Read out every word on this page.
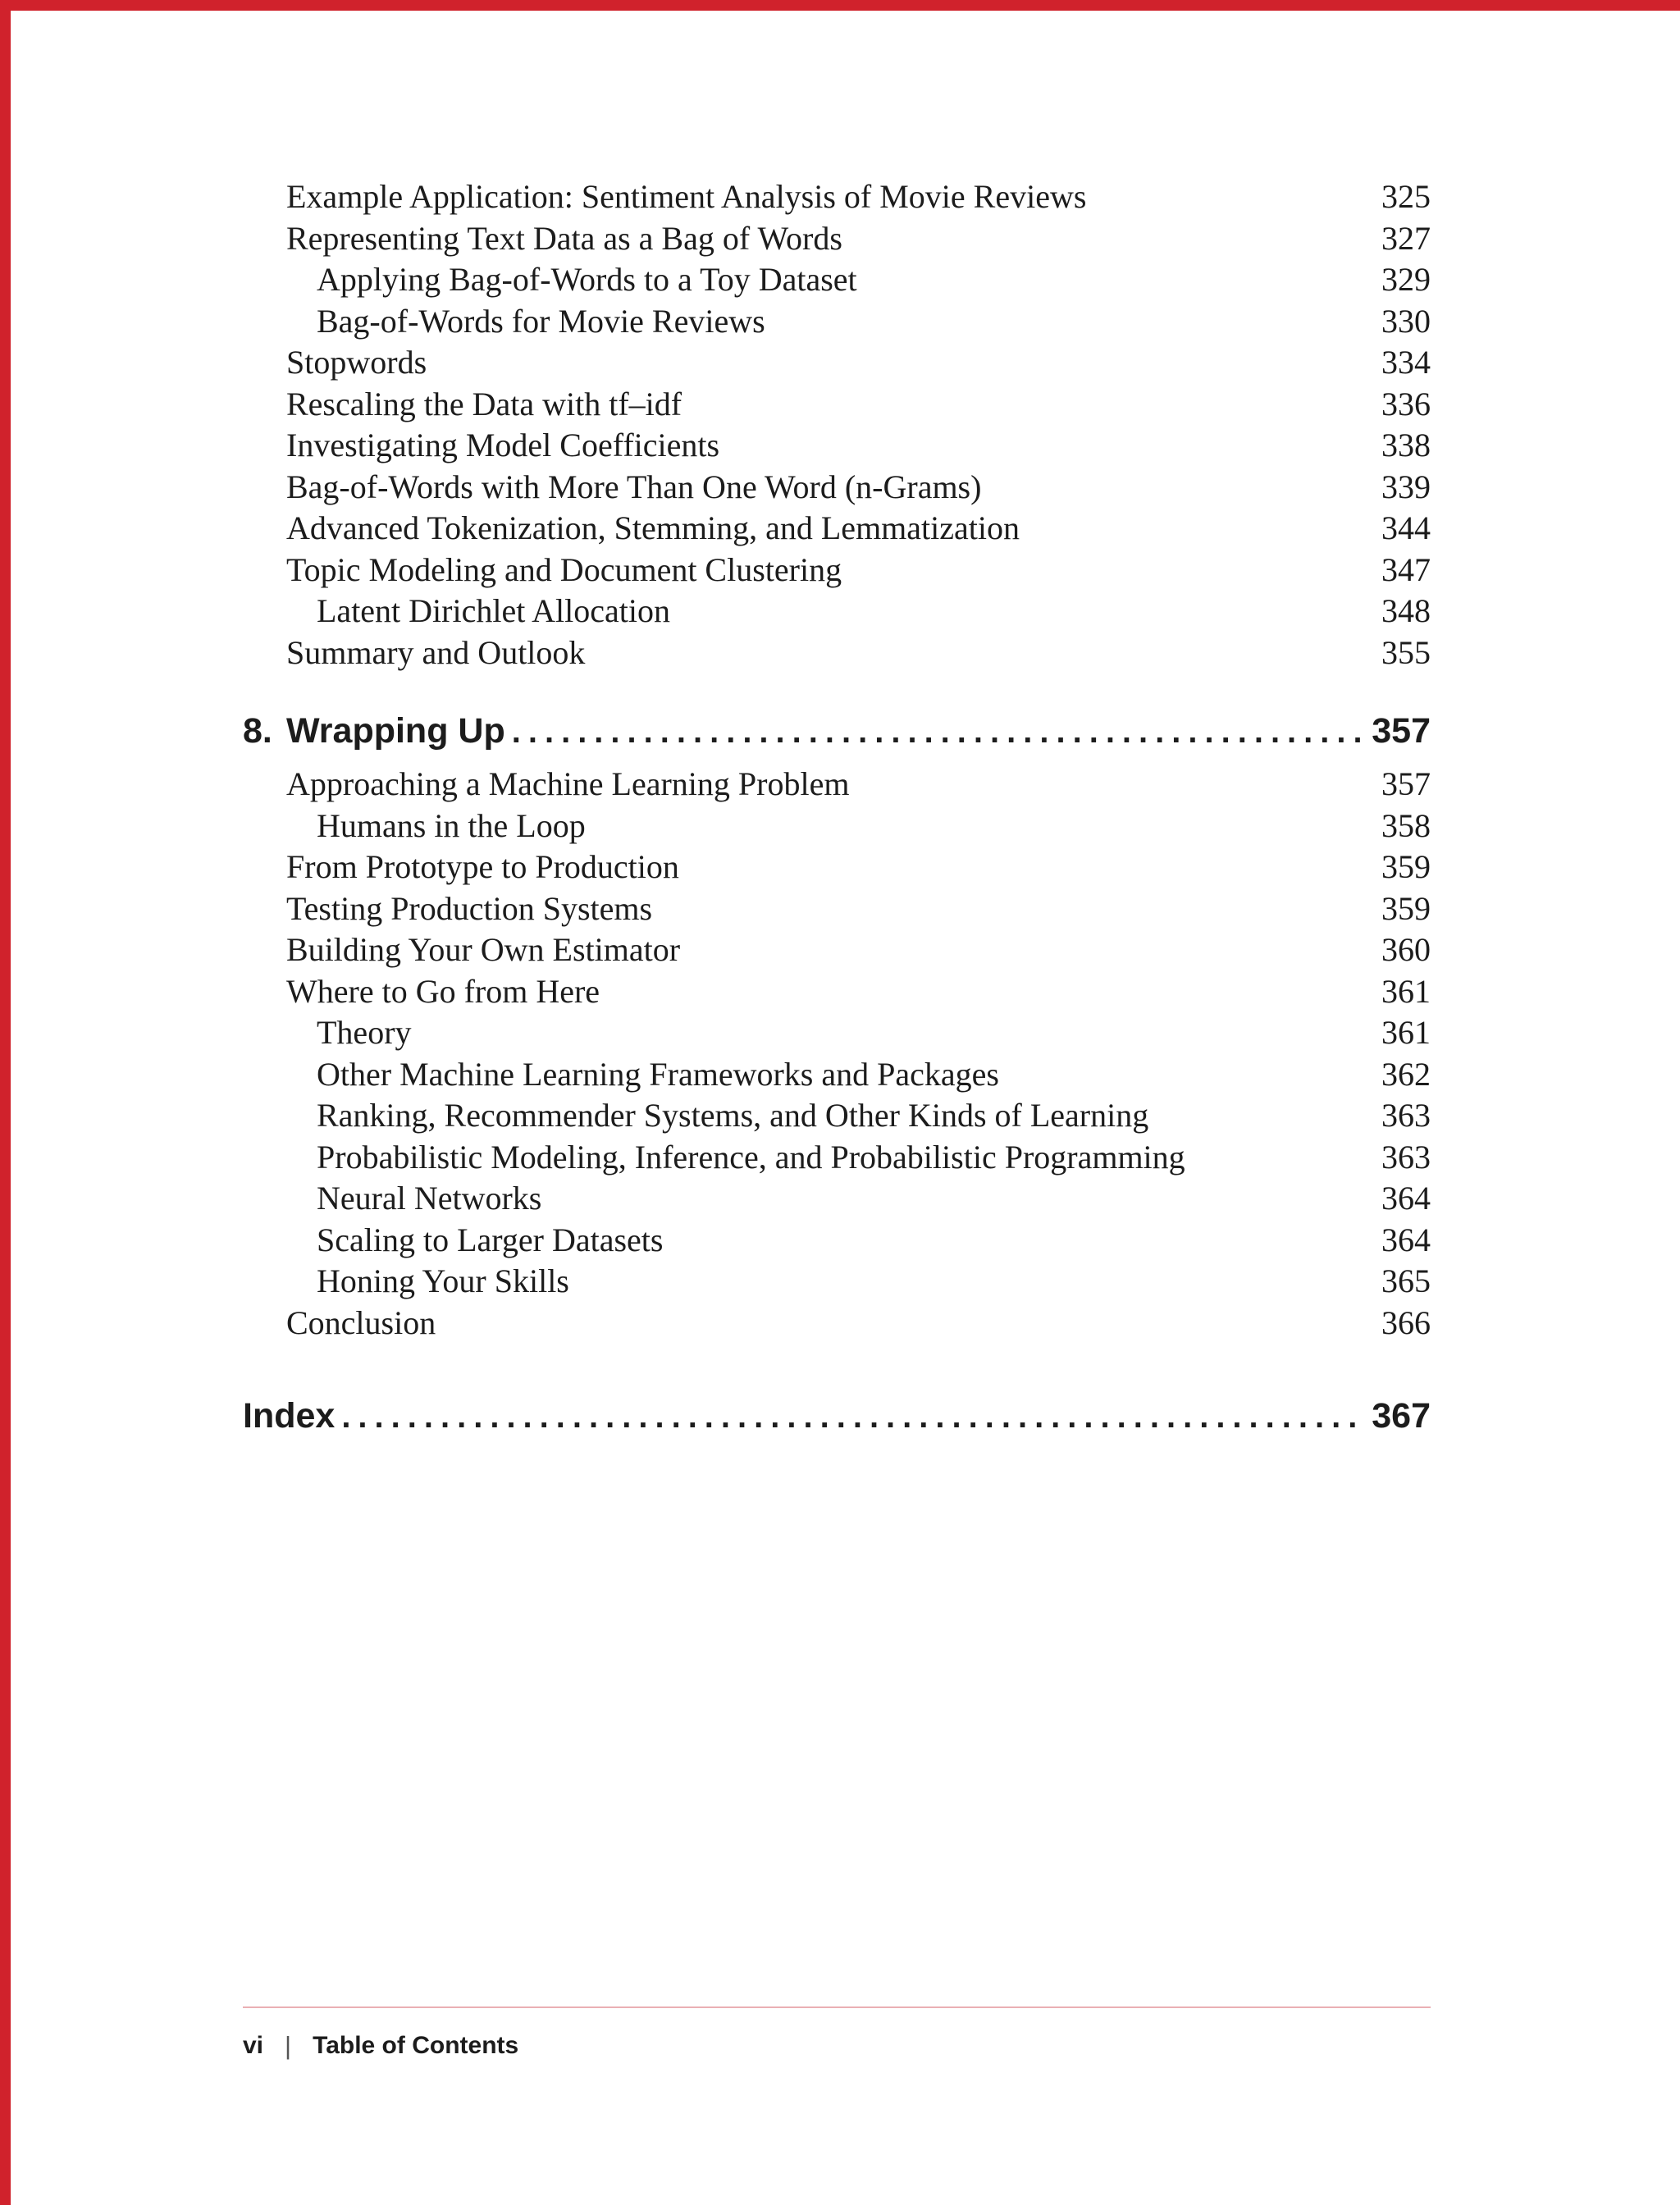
Example Application: Sentiment Analysis of Movie Reviews	325
Representing Text Data as a Bag of Words	327
Applying Bag-of-Words to a Toy Dataset	329
Bag-of-Words for Movie Reviews	330
Stopwords	334
Rescaling the Data with tf–idf	336
Investigating Model Coefficients	338
Bag-of-Words with More Than One Word (n-Grams)	339
Advanced Tokenization, Stemming, and Lemmatization	344
Topic Modeling and Document Clustering	347
Latent Dirichlet Allocation	348
Summary and Outlook	355
8. Wrapping Up .....	357
Approaching a Machine Learning Problem	357
Humans in the Loop	358
From Prototype to Production	359
Testing Production Systems	359
Building Your Own Estimator	360
Where to Go from Here	361
Theory	361
Other Machine Learning Frameworks and Packages	362
Ranking, Recommender Systems, and Other Kinds of Learning	363
Probabilistic Modeling, Inference, and Probabilistic Programming	363
Neural Networks	364
Scaling to Larger Datasets	364
Honing Your Skills	365
Conclusion	366
Index .....	367
vi | Table of Contents
